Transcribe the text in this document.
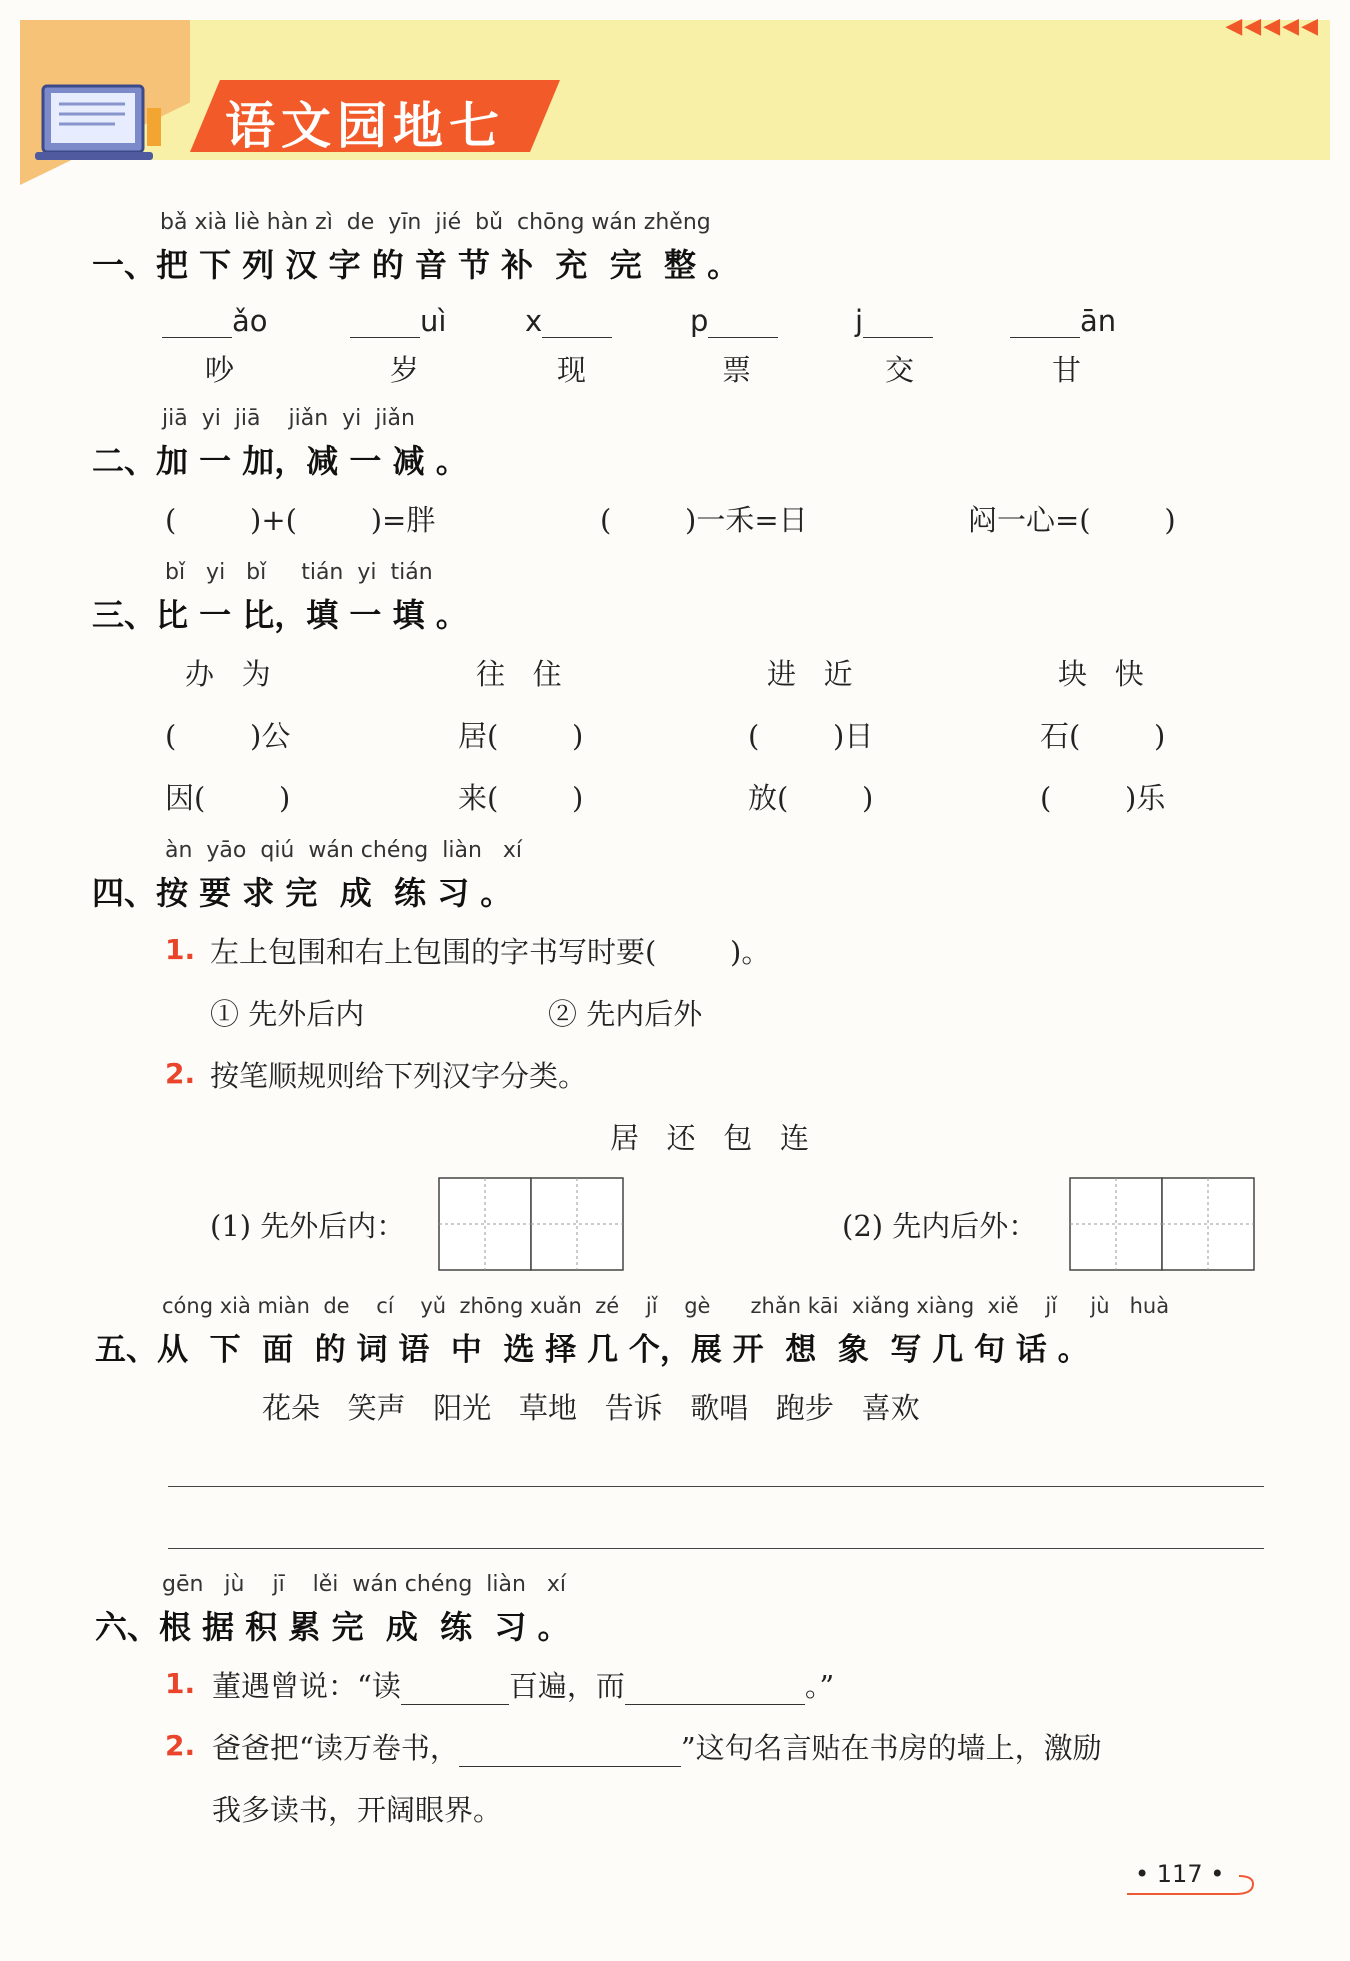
◀◀◀◀◀
语文园地七
bǎ xià liè hàn zì  de  yīn  jié  bǔ  chōng wán zhěng
一、把 下 列 汉 字 的 音 节 补  充  完  整 。
ǎo	uì	x	p	j	ān
吵	岁	现	票	交	甘
jiā  yi  jiā    jiǎn  yi  jiǎn
二、加 一 加，减 一 减 。
(        )+(        )=胖	(        )一禾=日	闷一心=(        )
bǐ   yi   bǐ     tián  yi  tián
三、比 一 比，填 一 填 。
办   为	往   住	进   近	块   快
(        )公	居(        )	(        )日	石(        )
因(        )	来(        )	放(        )	(        )乐
àn  yāo  qiú  wán chéng  liàn   xí
四、按 要 求 完  成  练 习 。
1. 左上包围和右上包围的字书写时要(        )。
① 先外后内	② 先内后外
2. 按笔顺规则给下列汉字分类。
居   还   包   连
(1) 先外后内：	(2) 先内后外：
cóng xià miàn  de    cí    yǔ  zhōng xuǎn  zé    jǐ    gè      zhǎn kāi  xiǎng xiàng  xiě    jǐ     jù   huà
五、从  下  面  的 词 语  中  选 择 几 个，展 开  想  象  写 几 句 话 。
花朵   笑声   阳光   草地   告诉   歌唱   跑步   喜欢
gēn   jù    jī    lěi  wán chéng  liàn   xí
六、根 据 积 累 完  成  练  习 。
1. 董遇曾说：“读	百遍，而	。”
2. 爸爸把“读万卷书，	”这句名言贴在书房的墙上，激励
我多读书，开阔眼界。
• 117 •
